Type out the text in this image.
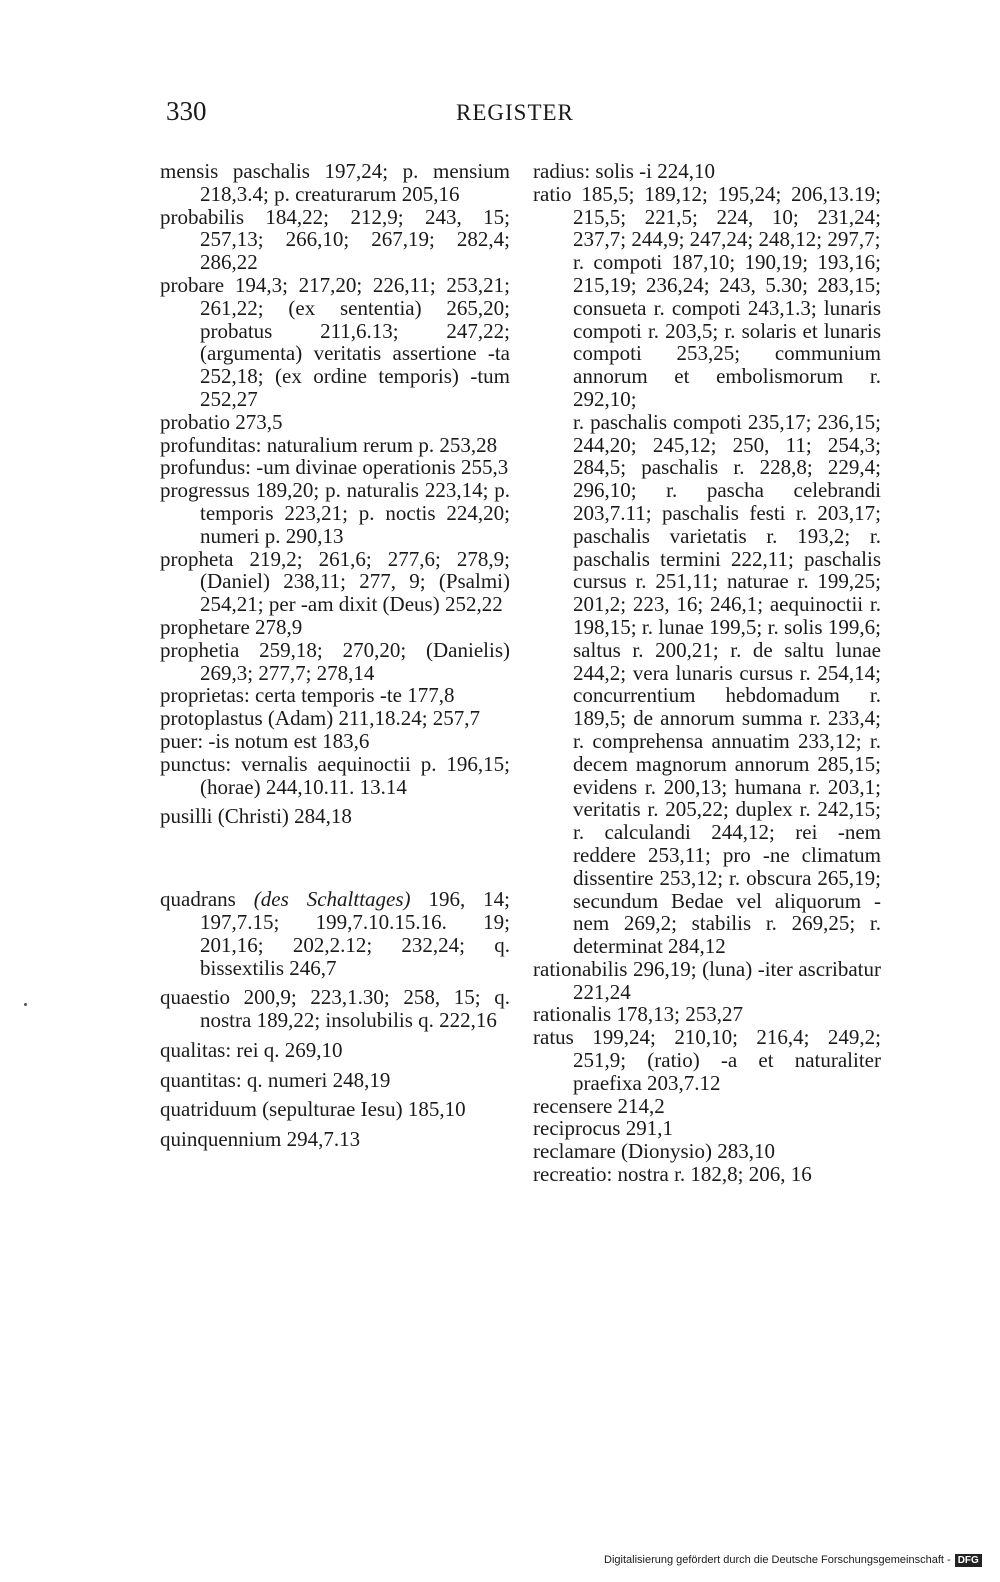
330	REGISTER

mensis paschalis 197,24; p. mensium 218,3.4; p. creaturarum 205,16

probabilis 184,22; 212,9; 243, 15; 257,13; 266,10; 267,19; 282,4; 286,22

probare 194,3; 217,20; 226,11; 253,21; 261,22; (ex sententia) 265,20; probatus 211,6.13; 247,22; (argumenta) veritatis assertione -ta 252,18; (ex ordine temporis) -tum 252,27

probatio 273,5

profunditas: naturalium rerum p. 253,28

profundus: -um divinae operationis 255,3

progressus 189,20; p. naturalis 223,14; p. temporis 223,21; p. noctis 224,20; numeri p. 290,13

propheta 219,2; 261,6; 277,6; 278,9; (Daniel) 238,11; 277, 9; (Psalmi) 254,21; per -am dixit (Deus) 252,22

prophetare 278,9

prophetia 259,18; 270,20; (Danielis) 269,3; 277,7; 278,14

proprietas: certa temporis -te 177,8

protoplastus (Adam) 211,18.24; 257,7

puer: -is notum est 183,6

punctus: vernalis aequinoctii p. 196,15; (horae) 244,10.11. 13.14

pusilli (Christi) 284,18

quadrans (des Schalttages) 196, 14; 197,7.15; 199,7.10.15.16. 19; 201,16; 202,2.12; 232,24; q. bissextilis 246,7

quaestio 200,9; 223,1.30; 258, 15; q. nostra 189,22; insolubilis q. 222,16

qualitas: rei q. 269,10

quantitas: q. numeri 248,19

quatriduum (sepulturae Iesu) 185,10

quinquennium 294,7.13

radius: solis -i 224,10

ratio 185,5; 189,12; 195,24; 206,13.19; 215,5; 221,5; 224, 10; 231,24; 237,7; 244,9; 247,24; 248,12; 297,7;

r. compoti 187,10; 190,19; 193,16; 215,19; 236,24; 243, 5.30; 283,15; consueta r. compoti 243,1.3; lunaris compoti r. 203,5; r. solaris et lunaris compoti 253,25; communium annorum et embolismorum r. 292,10;

r. paschalis compoti 235,17; 236,15; 244,20; 245,12; 250, 11; 254,3; 284,5; paschalis r. 228,8; 229,4; 296,10; r. pascha celebrandi 203,7.11; paschalis festi r. 203,17; paschalis varietatis r. 193,2; r. paschalis termini 222,11; paschalis cursus r. 251,11; naturae r. 199,25; 201,2; 223, 16; 246,1; aequinoctii r. 198,15; r. lunae 199,5; r. solis 199,6; saltus r. 200,21; r. de saltu lunae 244,2; vera lunaris cursus r. 254,14; concurrentium hebdomadum r. 189,5; de annorum summa r. 233,4; r. comprehensa annuatim 233,12; r. decem magnorum annorum 285,15; evidens r. 200,13; humana r. 203,1; veritatis r. 205,22; duplex r. 242,15; r. calculandi 244,12; rei -nem reddere 253,11; pro -ne climatum dissentire 253,12; r. obscura 265,19; secundum Bedae vel aliquorum -nem 269,2; stabilis r. 269,25; r. determinat 284,12

rationabilis 296,19; (luna) -iter ascribatur 221,24

rationalis 178,13; 253,27

ratus 199,24; 210,10; 216,4; 249,2; 251,9; (ratio) -a et naturaliter praefixa 203,7.12

recensere 214,2

reciprocus 291,1

reclamare (Dionysio) 283,10

recreatio: nostra r. 182,8; 206, 16

Digitalisierung gefördert durch die Deutsche Forschungsgemeinschaft - DFG
